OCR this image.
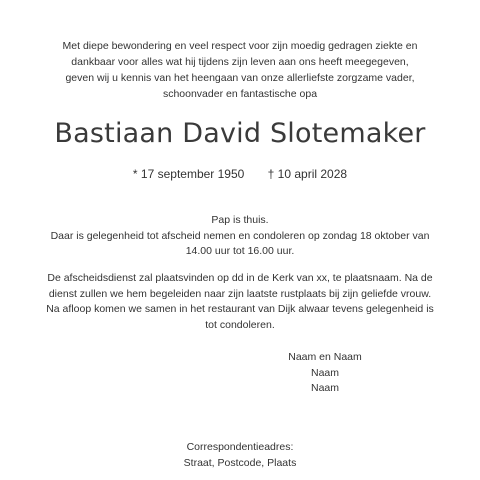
Met diepe bewondering en veel respect voor zijn moedig gedragen ziekte en
dankbaar voor alles wat hij tijdens zijn leven aan ons heeft meegegeven,
geven wij u kennis van het heengaan van onze allerliefste zorgzame vader,
schoonvader en fantastische opa
Bastiaan David Slotemaker
* 17 september 1950 † 10 april 2028
Pap is thuis.
Daar is gelegenheid tot afscheid nemen en condoleren op zondag 18 oktober van
14.00 uur tot 16.00 uur.
De afscheidsdienst zal plaatsvinden op dd in de Kerk van xx, te plaatsnaam. Na de
dienst zullen we hem begeleiden naar zijn laatste rustplaats bij zijn geliefde vrouw.
Na afloop komen we samen in het restaurant van Dijk alwaar tevens gelegenheid is
tot condoleren.
Naam en Naam
Naam
Naam
Correspondentieadres:
Straat, Postcode, Plaats
